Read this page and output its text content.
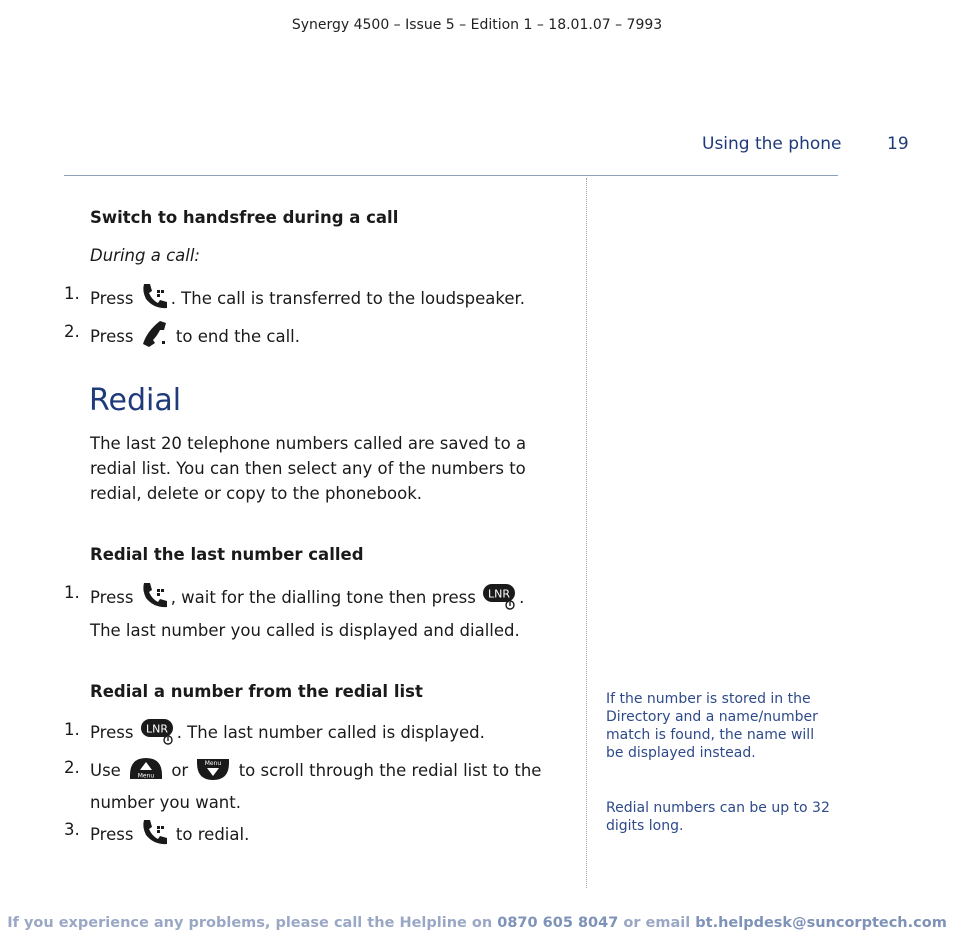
Synergy 4500 – Issue 5 – Edition 1 – 18.01.07 – 7993
Using the phone	19
Switch to handsfree during a call
During a call:
1. Press . The call is transferred to the loudspeaker.
2. Press  to end the call.
Redial
The last 20 telephone numbers called are saved to a redial list. You can then select any of the numbers to redial, delete or copy to the phonebook.
Redial the last number called
1. Press , wait for the dialling tone then press LNR .
The last number you called is displayed and dialled.
Redial a number from the redial list
1. Press LNR . The last number called is displayed.
2. Use	Menu or	Menu to scroll through the redial list to the number you want.
3. Press  to redial.
If the number is stored in the Directory and a name/number match is found, the name will be displayed instead.
Redial numbers can be up to 32 digits long.
If you experience any problems, please call the Helpline on 0870 605 8047 or email bt.helpdesk@suncorptech.com
